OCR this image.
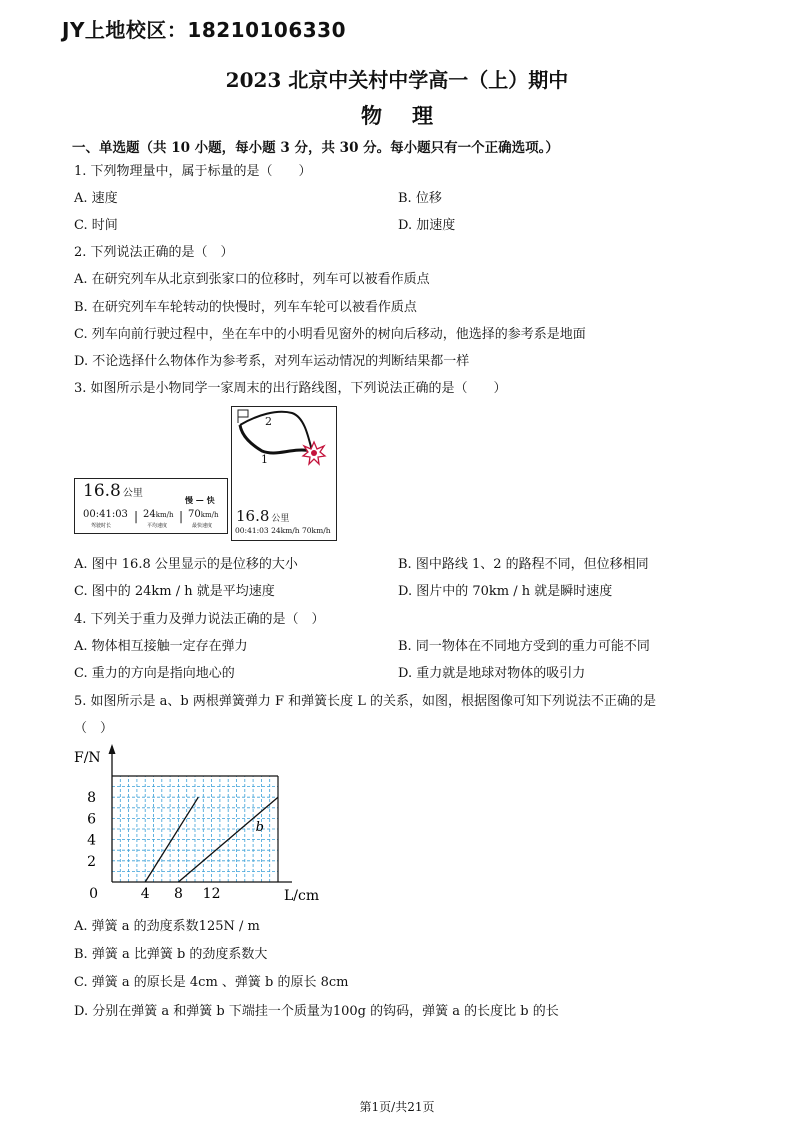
JY上地校区：18210106330
2023 北京中关村中学高一（上）期中
物理
一、单选题（共 10 小题，每小题 3 分，共 30 分。每小题只有一个正确选项。）
1. 下列物理量中，属于标量的是（　　）
A. 速度	B. 位移
C. 时间	D. 加速度
2. 下列说法正确的是（　）
A. 在研究列车从北京到张家口的位移时，列车可以被看作质点
B. 在研究列车车轮转动的快慢时，列车车轮可以被看作质点
C. 列车向前行驶过程中，坐在车中的小明看见窗外的树向后移动，他选择的参考系是地面
D. 不论选择什么物体作为参考系，对列车运动情况的判断结果都一样
3. 如图所示是小物同学一家周末的出行路线图，下列说法正确的是（　　）
16.8 公里
慢 — 快
00:41:03
驾驶时长
| 24km/h
平均速度
| 70km/h
最快速度
2
1
16.8 公里
00:41:03 24km/h 70km/h
A. 图中 16.8 公里显示的是位移的大小	B. 图中路线 1、2 的路程不同，但位移相同
C. 图中的 24km / h 就是平均速度	D. 图片中的 70km / h 就是瞬时速度
4. 下列关于重力及弹力说法正确的是（　）
A. 物体相互接触一定存在弹力	B. 同一物体在不同地方受到的重力可能不同
C. 重力的方向是指向地心的	D. 重力就是地球对物体的吸引力
5. 如图所示是 a、b 两根弹簧弹力 F 和弹簧长度 L 的关系，如图，根据图像可知下列说法不正确的是
（　）
b
2
4
6
8
4 8 12
0
F/N
L/cm
A. 弹簧 a 的劲度系数125N / m
B. 弹簧 a 比弹簧 b 的劲度系数大
C. 弹簧 a 的原长是 4cm 、弹簧 b 的原长 8cm
D. 分别在弹簧 a 和弹簧 b 下端挂一个质量为100g 的钩码，弹簧 a 的长度比 b 的长
第1页/共21页
